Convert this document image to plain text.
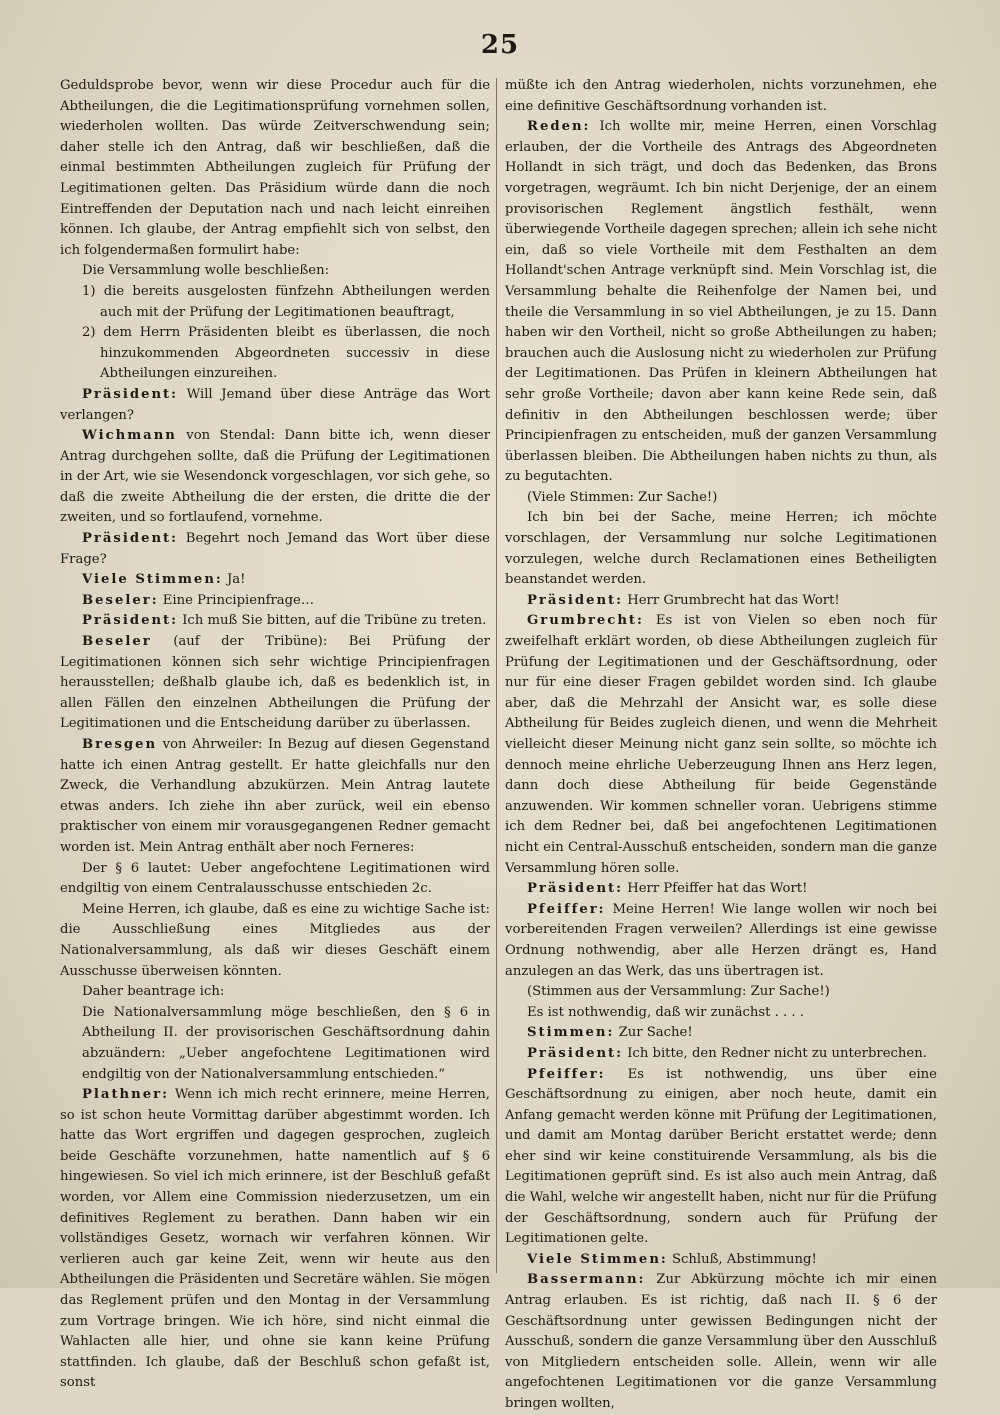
25

Geduldsprobe bevor, wenn wir diese Procedur auch für die Abtheilungen, die die Legitimationsprüfung vornehmen sollen, wiederholen wollten. Das würde Zeitverschwendung sein; daher stelle ich den Antrag, daß wir beschließen, daß die einmal bestimmten Abtheilungen zugleich für Prüfung der Legitimationen gelten. Das Präsidium würde dann die noch Eintreffenden der Deputation nach und nach leicht einreihen können. Ich glaube, der Antrag empfiehlt sich von selbst, den ich folgendermaßen formulirt habe:

Die Versammlung wolle beschließen:

1) die bereits ausgelosten fünfzehn Abtheilungen werden auch mit der Prüfung der Legitimationen beauftragt,

2) dem Herrn Präsidenten bleibt es überlassen, die noch hinzukommenden Abgeordneten successiv in diese Abtheilungen einzureihen.

Präsident: Will Jemand über diese Anträge das Wort verlangen?

Wichmann von Stendal: Dann bitte ich, wenn dieser Antrag durchgehen sollte, daß die Prüfung der Legitimationen in der Art, wie sie Wesendonck vorgeschlagen, vor sich gehe, so daß die zweite Abtheilung die der ersten, die dritte die der zweiten, und so fortlaufend, vornehme.

Präsident: Begehrt noch Jemand das Wort über diese Frage?

Viele Stimmen: Ja!

Beseler: Eine Principienfrage…

Präsident: Ich muß Sie bitten, auf die Tribüne zu treten.

Beseler (auf der Tribüne): Bei Prüfung der Legitimationen können sich sehr wichtige Principienfragen herausstellen; deßhalb glaube ich, daß es bedenklich ist, in allen Fällen den einzelnen Abtheilungen die Prüfung der Legitimationen und die Entscheidung darüber zu überlassen.

Bresgen von Ahrweiler: In Bezug auf diesen Gegenstand hatte ich einen Antrag gestellt. Er hatte gleichfalls nur den Zweck, die Verhandlung abzukürzen. Mein Antrag lautete etwas anders. Ich ziehe ihn aber zurück, weil ein ebenso praktischer von einem mir vorausgegangenen Redner gemacht worden ist. Mein Antrag enthält aber noch Ferneres:

Der § 6 lautet: Ueber angefochtene Legitimationen wird endgiltig von einem Centralausschusse entschieden 2c.

Meine Herren, ich glaube, daß es eine zu wichtige Sache ist: die Ausschließung eines Mitgliedes aus der Nationalversammlung, als daß wir dieses Geschäft einem Ausschusse überweisen könnten.

Daher beantrage ich:

Die Nationalversammlung möge beschließen, den § 6 in Abtheilung II. der provisorischen Geschäftsordnung dahin abzuändern: „Ueber angefochtene Legitimationen wird endgiltig von der Nationalversammlung entschieden.“

Plathner: Wenn ich mich recht erinnere, meine Herren, so ist schon heute Vormittag darüber abgestimmt worden. Ich hatte das Wort ergriffen und dagegen gesprochen, zugleich beide Geschäfte vorzunehmen, hatte namentlich auf § 6 hingewiesen. So viel ich mich erinnere, ist der Beschluß gefaßt worden, vor Allem eine Commission niederzusetzen, um ein definitives Reglement zu berathen. Dann haben wir ein vollständiges Gesetz, wornach wir verfahren können. Wir verlieren auch gar keine Zeit, wenn wir heute aus den Abtheilungen die Präsidenten und Secretäre wählen. Sie mögen das Reglement prüfen und den Montag in der Versammlung zum Vortrage bringen. Wie ich höre, sind nicht einmal die Wahlacten alle hier, und ohne sie kann keine Prüfung stattfinden. Ich glaube, daß der Beschluß schon gefaßt ist, sonst

müßte ich den Antrag wiederholen, nichts vorzunehmen, ehe eine definitive Geschäftsordnung vorhanden ist.

Reden: Ich wollte mir, meine Herren, einen Vorschlag erlauben, der die Vortheile des Antrags des Abgeordneten Hollandt in sich trägt, und doch das Bedenken, das Brons vorgetragen, wegräumt. Ich bin nicht Derjenige, der an einem provisorischen Reglement ängstlich festhält, wenn überwiegende Vortheile dagegen sprechen; allein ich sehe nicht ein, daß so viele Vortheile mit dem Festhalten an dem Hollandt'schen Antrage verknüpft sind. Mein Vorschlag ist, die Versammlung behalte die Reihenfolge der Namen bei, und theile die Versammlung in so viel Abtheilungen, je zu 15. Dann haben wir den Vortheil, nicht so große Abtheilungen zu haben; brauchen auch die Auslosung nicht zu wiederholen zur Prüfung der Legitimationen. Das Prüfen in kleinern Abtheilungen hat sehr große Vortheile; davon aber kann keine Rede sein, daß definitiv in den Abtheilungen beschlossen werde; über Principienfragen zu entscheiden, muß der ganzen Versammlung überlassen bleiben. Die Abtheilungen haben nichts zu thun, als zu begutachten.

(Viele Stimmen: Zur Sache!)

Ich bin bei der Sache, meine Herren; ich möchte vorschlagen, der Versammlung nur solche Legitimationen vorzulegen, welche durch Reclamationen eines Betheiligten beanstandet werden.

Präsident: Herr Grumbrecht hat das Wort!

Grumbrecht: Es ist von Vielen so eben noch für zweifelhaft erklärt worden, ob diese Abtheilungen zugleich für Prüfung der Legitimationen und der Geschäftsordnung, oder nur für eine dieser Fragen gebildet worden sind. Ich glaube aber, daß die Mehrzahl der Ansicht war, es solle diese Abtheilung für Beides zugleich dienen, und wenn die Mehrheit vielleicht dieser Meinung nicht ganz sein sollte, so möchte ich dennoch meine ehrliche Ueberzeugung Ihnen ans Herz legen, dann doch diese Abtheilung für beide Gegenstände anzuwenden. Wir kommen schneller voran. Uebrigens stimme ich dem Redner bei, daß bei angefochtenen Legitimationen nicht ein Central-Ausschuß entscheiden, sondern man die ganze Versammlung hören solle.

Präsident: Herr Pfeiffer hat das Wort!

Pfeiffer: Meine Herren! Wie lange wollen wir noch bei vorbereitenden Fragen verweilen? Allerdings ist eine gewisse Ordnung nothwendig, aber alle Herzen drängt es, Hand anzulegen an das Werk, das uns übertragen ist.

(Stimmen aus der Versammlung: Zur Sache!)

Es ist nothwendig, daß wir zunächst . . . .

Stimmen: Zur Sache!

Präsident: Ich bitte, den Redner nicht zu unterbrechen.

Pfeiffer: Es ist nothwendig, uns über eine Geschäftsordnung zu einigen, aber noch heute, damit ein Anfang gemacht werden könne mit Prüfung der Legitimationen, und damit am Montag darüber Bericht erstattet werde; denn eher sind wir keine constituirende Versammlung, als bis die Legitimationen geprüft sind. Es ist also auch mein Antrag, daß die Wahl, welche wir angestellt haben, nicht nur für die Prüfung der Geschäftsordnung, sondern auch für Prüfung der Legitimationen gelte.

Viele Stimmen: Schluß, Abstimmung!

Bassermann: Zur Abkürzung möchte ich mir einen Antrag erlauben. Es ist richtig, daß nach II. § 6 der Geschäftsordnung unter gewissen Bedingungen nicht der Ausschuß, sondern die ganze Versammlung über den Ausschluß von Mitgliedern entscheiden solle. Allein, wenn wir alle angefochtenen Legitimationen vor die ganze Versammlung bringen wollten,
